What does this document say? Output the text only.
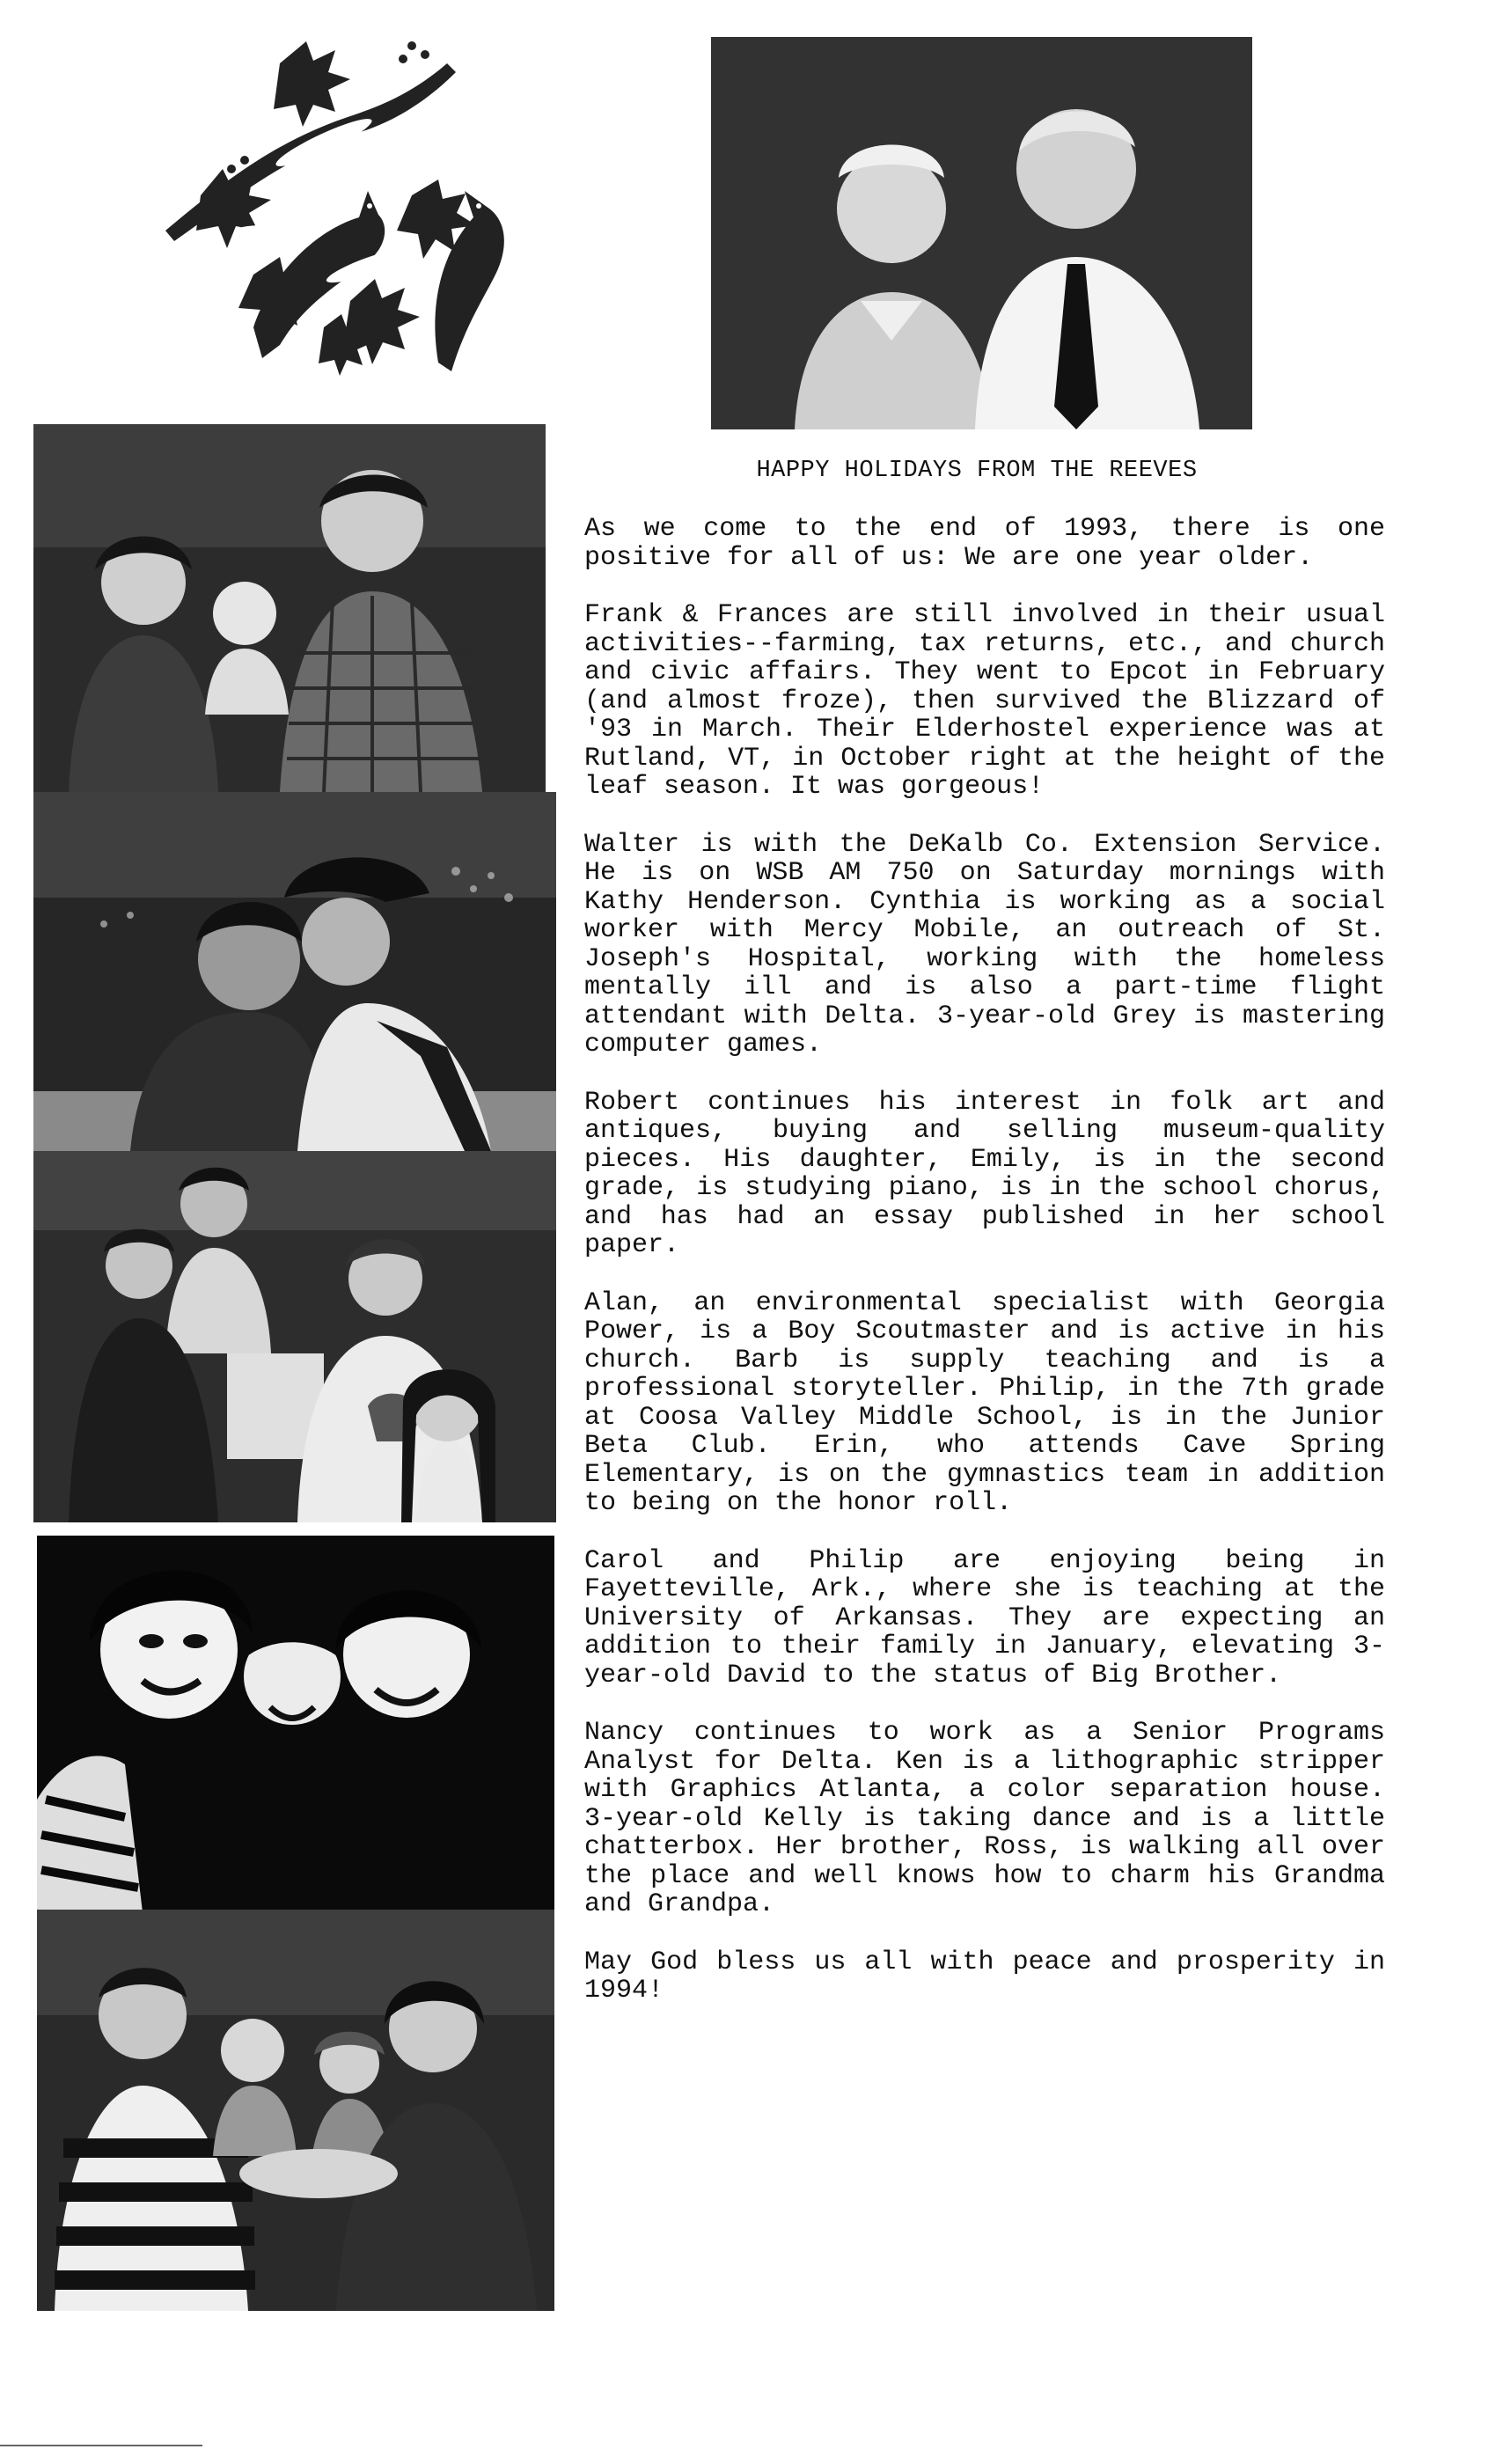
HAPPY HOLIDAYS FROM THE REEVES

As we come to the end of 1993, there is one positive for all of us: We are one year older.

Frank & Frances are still involved in their usual activities--farming, tax returns, etc., and church and civic affairs. They went to Epcot in February (and almost froze), then survived the Blizzard of '93 in March. Their Elderhostel experience was at Rutland, VT, in October right at the height of the leaf season. It was gorgeous!

Walter is with the DeKalb Co. Extension Service. He is on WSB AM 750 on Saturday mornings with Kathy Henderson. Cynthia is working as a social worker with Mercy Mobile, an outreach of St. Joseph's Hospital, working with the homeless mentally ill and is also a part-time flight attendant with Delta. 3-year-old Grey is mastering computer games.

Robert continues his interest in folk art and antiques, buying and selling museum-quality pieces. His daughter, Emily, is in the second grade, is studying piano, is in the school chorus, and has had an essay published in her school paper.

Alan, an environmental specialist with Georgia Power, is a Boy Scoutmaster and is active in his church. Barb is supply teaching and is a professional storyteller. Philip, in the 7th grade at Coosa Valley Middle School, is in the Junior Beta Club. Erin, who attends Cave Spring Elementary, is on the gymnastics team in addition to being on the honor roll.

Carol and Philip are enjoying being in Fayetteville, Ark., where she is teaching at the University of Arkansas. They are expecting an addition to their family in January, elevating 3-year-old David to the status of Big Brother.

Nancy continues to work as a Senior Programs Analyst for Delta. Ken is a lithographic stripper with Graphics Atlanta, a color separation house. 3-year-old Kelly is taking dance and is a little chatterbox. Her brother, Ross, is walking all over the place and well knows how to charm his Grandma and Grandpa.

May God bless us all with peace and prosperity in 1994!
